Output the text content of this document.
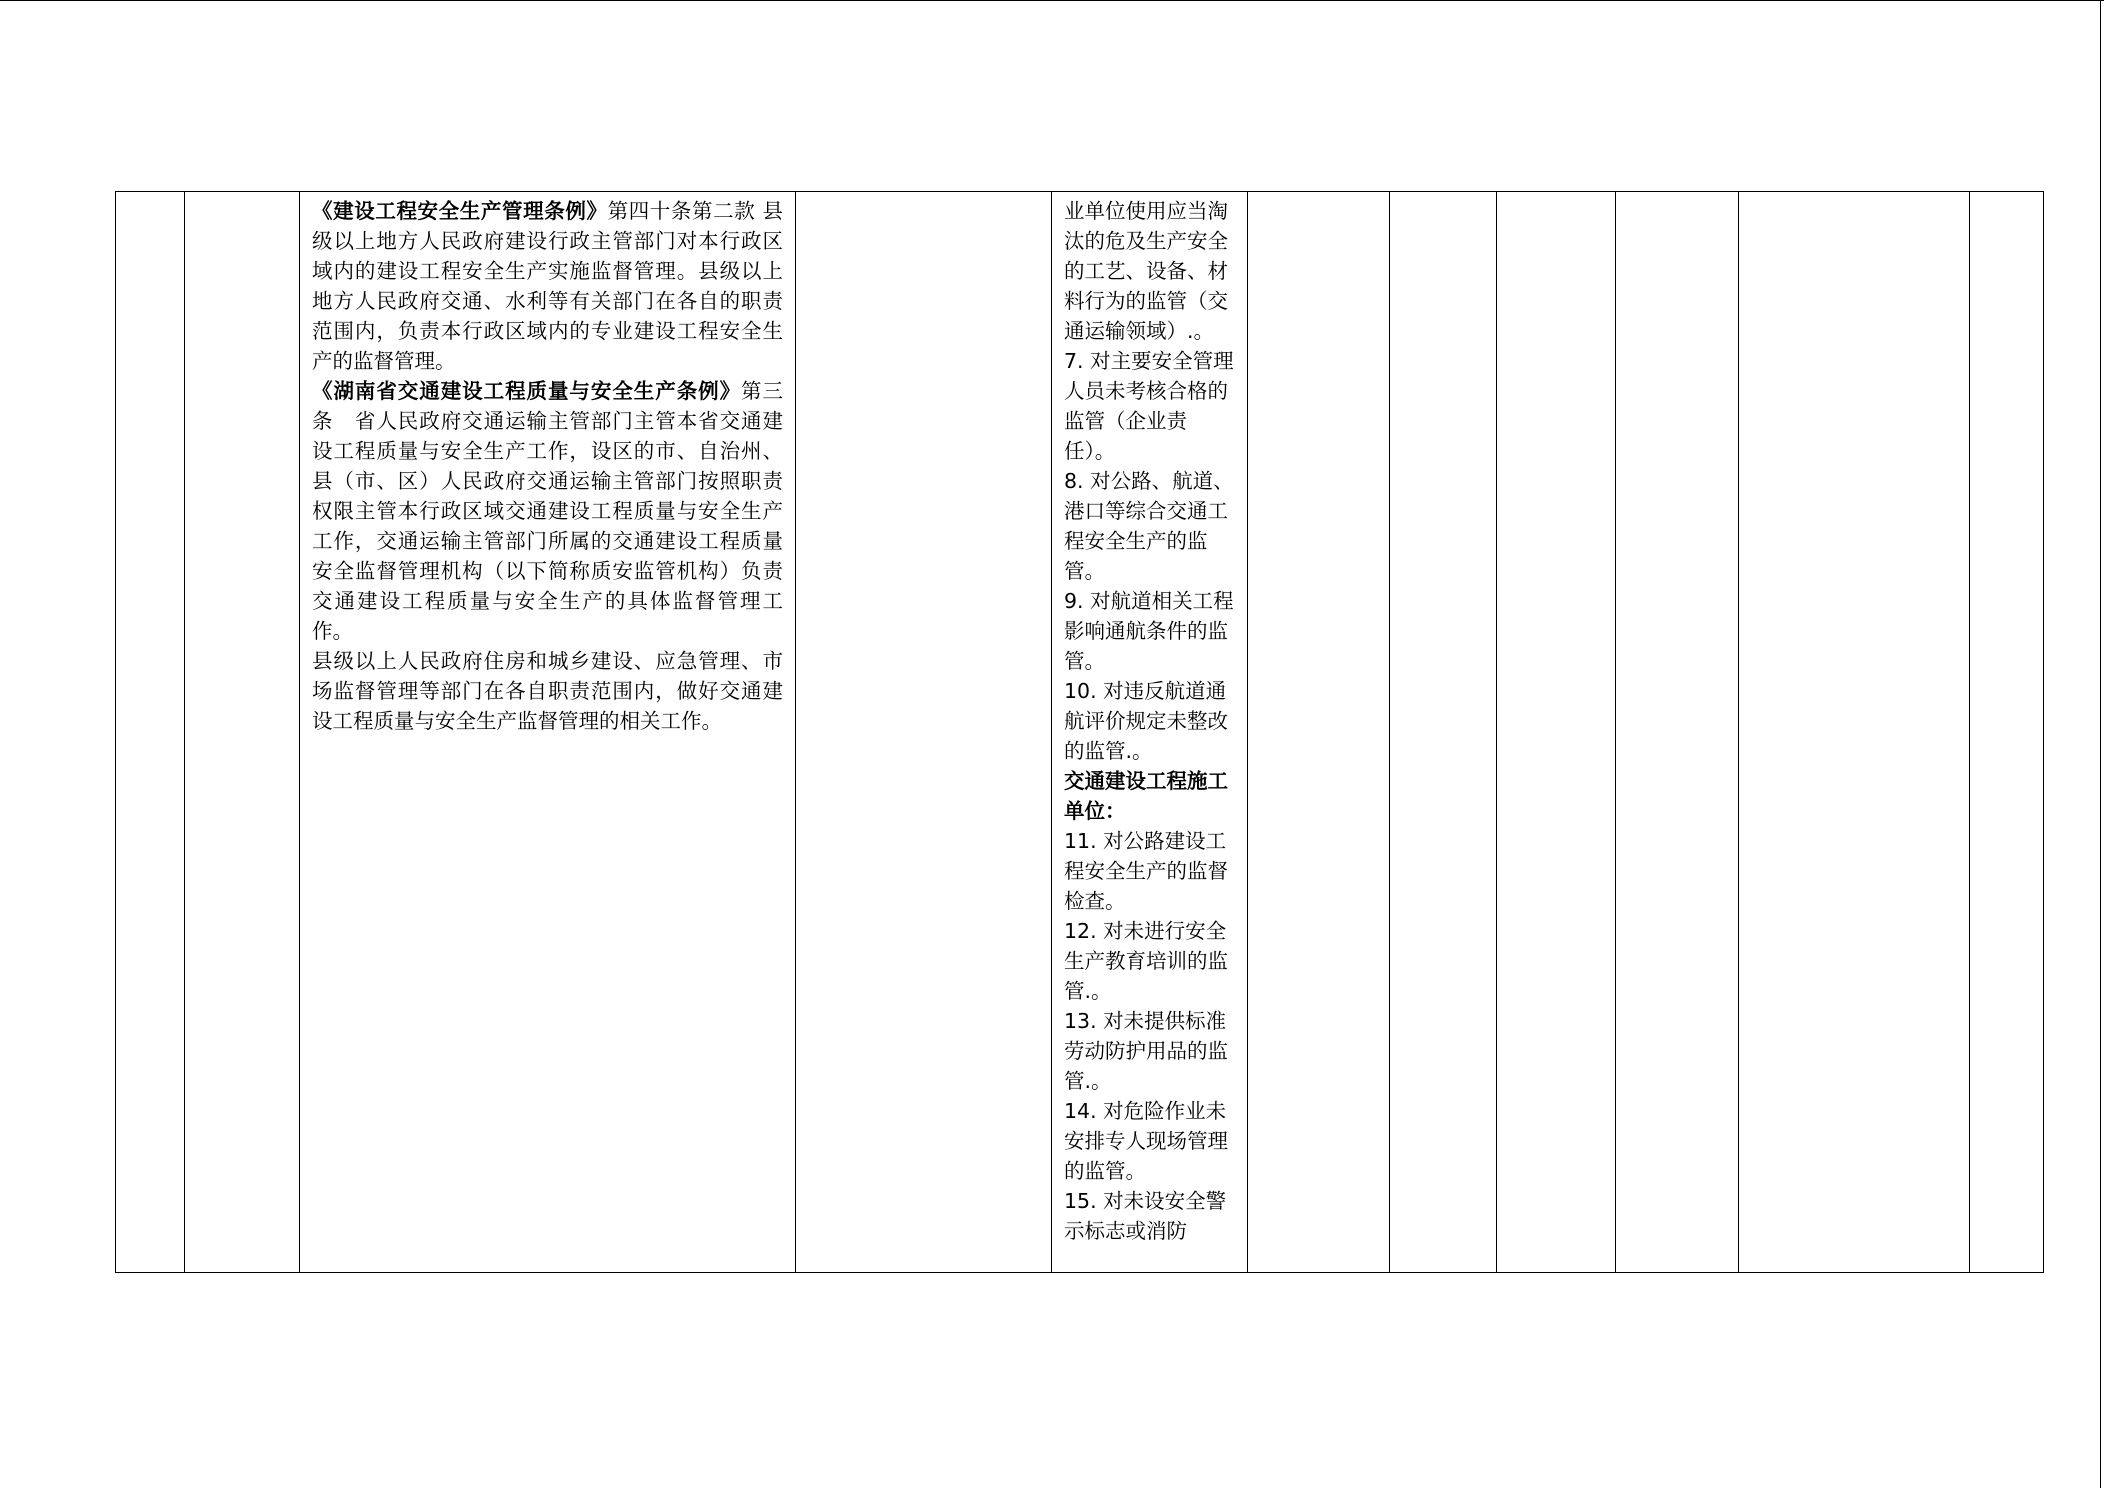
《建设工程安全生产管理条例》第四十条第二款 县级以上地方人民政府建设行政主管部门对本行政区域内的建设工程安全生产实施监督管理。县级以上地方人民政府交通、水利等有关部门在各自的职责范围内，负责本行政区域内的专业建设工程安全生产的监督管理。

《湖南省交通建设工程质量与安全生产条例》第三条　省人民政府交通运输主管部门主管本省交通建设工程质量与安全生产工作，设区的市、自治州、县（市、区）人民政府交通运输主管部门按照职责权限主管本行政区域交通建设工程质量与安全生产工作，交通运输主管部门所属的交通建设工程质量安全监督管理机构（以下简称质安监管机构）负责交通建设工程质量与安全生产的具体监督管理工作。

县级以上人民政府住房和城乡建设、应急管理、市场监督管理等部门在各自职责范围内，做好交通建设工程质量与安全生产监督管理的相关工作。

业单位使用应当淘汰的危及生产安全的工艺、设备、材料行为的监管（交通运输领域）.。

7. 对主要安全管理人员未考核合格的监管（企业责任）。

8. 对公路、航道、港口等综合交通工程安全生产的监管。

9. 对航道相关工程影响通航条件的监管。

10. 对违反航道通航评价规定未整改的监管.。

交通建设工程施工单位：

11. 对公路建设工程安全生产的监督检查。

12. 对未进行安全生产教育培训的监管.。

13. 对未提供标准劳动防护用品的监管.。

14. 对危险作业未安排专人现场管理的监管。

15. 对未设安全警示标志或消防
